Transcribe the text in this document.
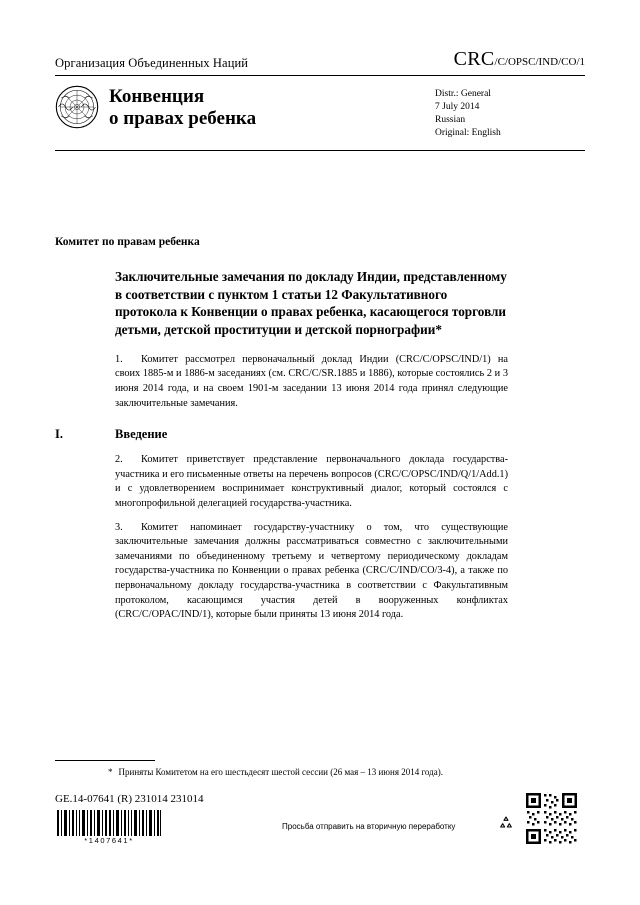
Организация Объединенных Наций	CRC/C/OPSC/IND/CO/1
Конвенция
о правах ребенка
Distr.: General
7 July 2014
Russian
Original: English
Комитет по правам ребенка
Заключительные замечания по докладу Индии, представленному в соответствии с пунктом 1 статьи 12 Факультативного протокола к Конвенции о правах ребенка, касающегося торговли детьми, детской проституции и детской порнографии*

1. Комитет рассмотрел первоначальный доклад Индии (CRC/C/OPSC/IND/1) на своих 1885-м и 1886-м заседаниях (см. CRC/C/SR.1885 и 1886), которые состоялись 2 и 3 июня 2014 года, и на своем 1901-м заседании 13 июня 2014 года принял следующие заключительные замечания.

I.	Введение

2. Комитет приветствует представление первоначального доклада государства-участника и его письменные ответы на перечень вопросов (CRC/C/OPSC/IND/Q/1/Add.1) и с удовлетворением воспринимает конструктивный диалог, который состоялся с многопрофильной делегацией государства-участника.

3. Комитет напоминает государству-участнику о том, что существующие заключительные замечания должны рассматриваться совместно с заключительными замечаниями по объединенному третьему и четвертому периодическому докладам государства-участника по Конвенции о правах ребенка (CRC/C/IND/CO/3-4), а также по первоначальному докладу государства-участника в соответствии с Факультативным протоколом, касающимся участия детей в вооруженных конфликтах (CRC/C/OPAC/IND/1), которые были приняты 13 июня 2014 года.

* Приняты Комитетом на его шестьдесят шестой сессии (26 мая – 13 июня 2014 года).
GE.14-07641 (R) 231014 231014
*1407641*
Просьба отправить на вторичную переработку
